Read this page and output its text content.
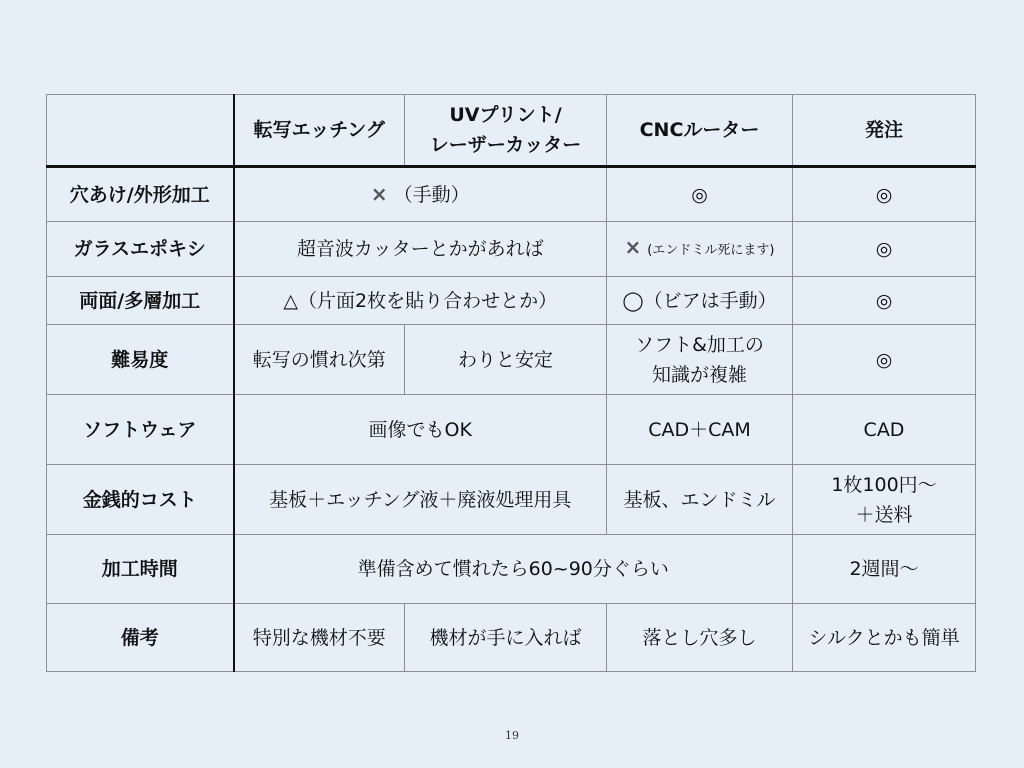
	転写エッチング	UVプリント/
レーザーカッター	CNCルーター	発注
穴あけ/外形加工	× （手動）		◎	◎
ガラスエポキシ	超音波カッターとかがあれば		× (エンドミル死にます)	◎
両面/多層加工	△（片面2枚を貼り合わせとか）		◯（ビアは手動）	◎
難易度	転写の慣れ次第	わりと安定	ソフト&加工の
知識が複雑	◎
ソフトウェア	画像でもOK		CAD＋CAM	CAD
金銭的コスト	基板＋エッチング液＋廃液処理用具		基板、エンドミル	1枚100円〜
＋送料

加工時間	準備含めて慣れたら60~90分ぐらい			2週間〜
備考	特別な機材不要	機材が手に入れば	落とし穴多し	シルクとかも簡単
19
